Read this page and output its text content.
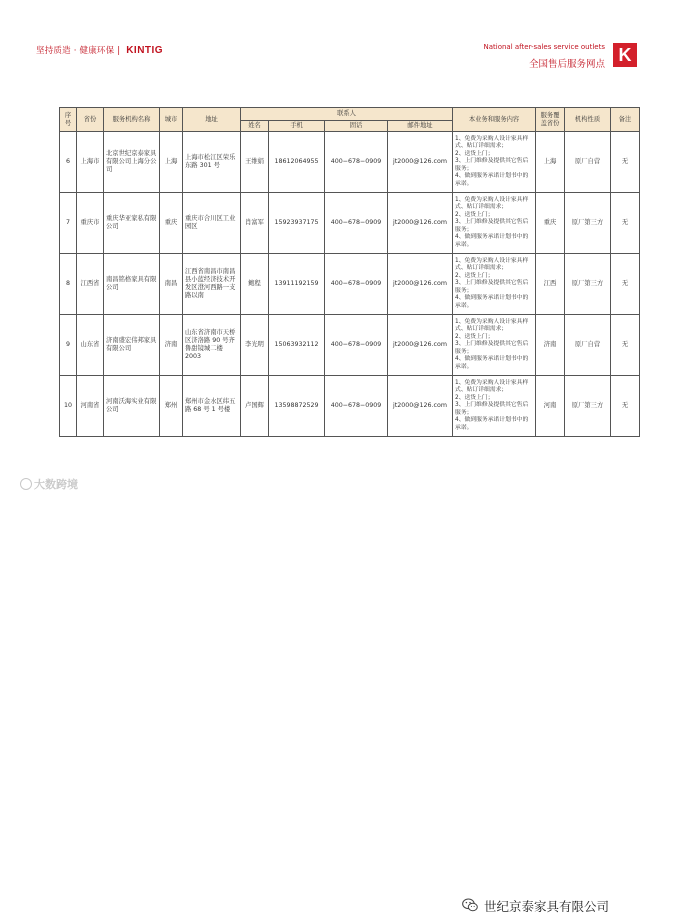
坚持质造 · 健康环保 | KINTIG	National after-sales service outlets
全国售后服务网点 K
序号	省份	服务机构名称	城市	地址	联系人				本业务和服务内容	服务覆盖省份	机构性质	备注
					姓名	手机	固话	邮件地址				
6	上海市	北京世纪京泰家具有限公司上海分公司	上海	上海市松江区荣乐东路 301 号	王维娟	18612064955	400−678−0909	jt2000@126.com	1、免费为采购人设计家具样式、贴订详细需求；
2、送货上门；
3、上门维修及提供其它售后服务；
4、做到服务承诺计划书中的承诺。	上海	原厂自营	无
7	重庆市	重庆华亚家私有限公司	重庆	重庆市合川区工业园区	肖富军	15923937175	400−678−0909	jt2000@126.com	1、免费为采购人设计家具样式、贴订详细需求；
2、送货上门；
3、上门维修及提供其它售后服务；
4、做到服务承诺计划书中的承诺。	重庆	原厂第三方	无
8	江西省	南昌铭格家具有限公司	南昌	江西省南昌市南昌县小蓝经济技术开发区澄河西路一支路以南	鲍程	13911192159	400−678−0909	jt2000@126.com	1、免费为采购人设计家具样式、贴订详细需求；
2、送货上门；
3、上门维修及提供其它售后服务；
4、做到服务承诺计划书中的承诺。	江西	原厂第三方	无
9	山东省	济南盛宏伟邦家具有限公司	济南	山东省济南市天桥区济洛路 90 号齐鲁甜镜城二楼 2003	李光明	15063932112	400−678−0909	jt2000@126.com	1、免费为采购人设计家具样式、贴订详细需求；
2、送货上门；
3、上门维修及提供其它售后服务；
4、做到服务承诺计划书中的承诺。	济南	原厂自营	无
10	河南省	河南沃海实业有限公司	郑州	郑州市金水区纬五路 68 号 1 号楼	卢国辉	13598872529	400−678−0909	jt2000@126.com	1、免费为采购人设计家具样式、贴订详细需求；
2、送货上门；
3、上门维修及提供其它售后服务；
4、做到服务承诺计划书中的承诺。	河南	原厂第三方	无
世纪京泰家具有限公司
大数跨境
